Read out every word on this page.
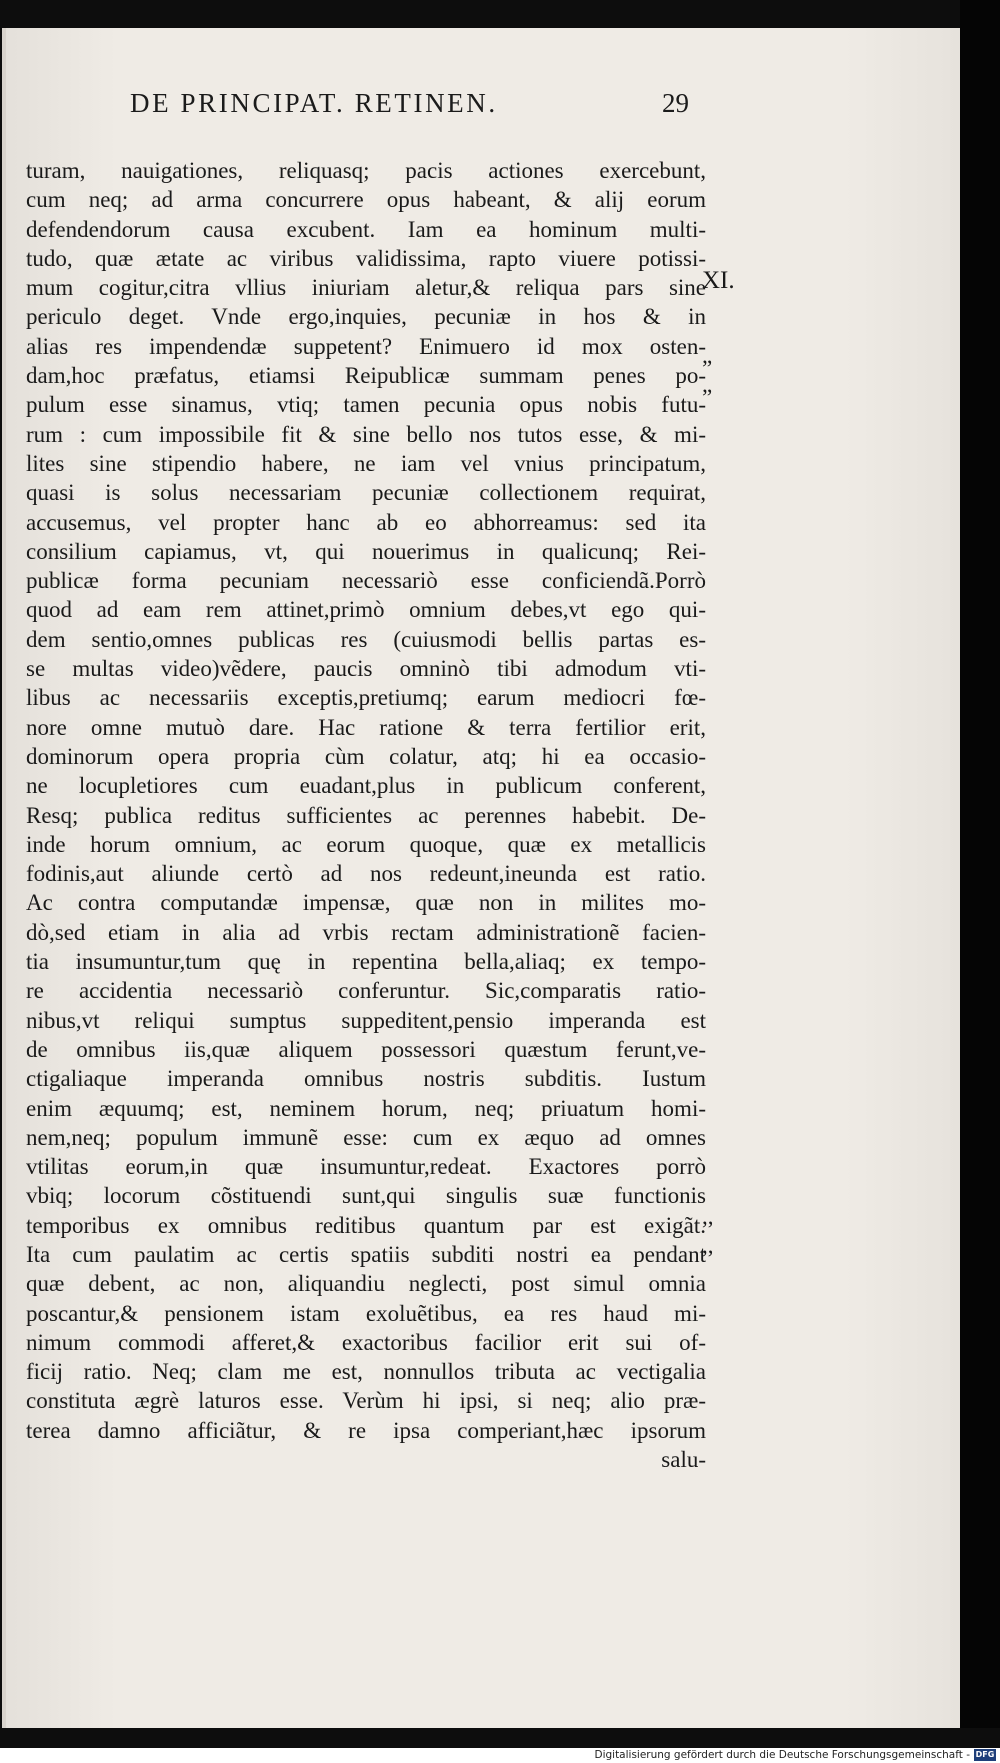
DE PRINCIPAT. RETINEN.	29
turam, nauigationes, reliquasq; pacis actiones exercebunt,
cum neq; ad arma concurrere opus habeant, & alij eorum
defendendorum causa excubent. Iam ea hominum multi-
tudo, quæ ætate ac viribus validissima, rapto viuere potissi-
mum cogitur,citra vllius iniuriam aletur,& reliqua pars sine
periculo deget. Vnde ergo,inquies, pecuniæ in hos & in
alias res impendendæ suppetent? Enimuero id mox osten-
dam,hoc præfatus, etiamsi Reipublicæ summam penes po-
pulum esse sinamus, vtiq; tamen pecunia opus nobis futu-
rum : cum impossibile fit & sine bello nos tutos esse, & mi-
lites sine stipendio habere, ne iam vel vnius principatum,
quasi is solus necessariam pecuniæ collectionem requirat,
accusemus, vel propter hanc ab eo abhorreamus: sed ita
consilium capiamus, vt, qui nouerimus in qualicunq; Rei-
publicæ forma pecuniam necessariò esse conficiendã.Porrò
quod ad eam rem attinet,primò omnium debes,vt ego qui-
dem sentio,omnes publicas res (cuiusmodi bellis partas es-
se multas video)vẽdere, paucis omninò tibi admodum vti-
libus ac necessariis exceptis,pretiumq; earum mediocri fœ-
nore omne mutuò dare. Hac ratione & terra fertilior erit,
dominorum opera propria cùm colatur, atq; hi ea occasio-
ne locupletiores cum euadant,plus in publicum conferent,
Resq; publica reditus sufficientes ac perennes habebit. De-
inde horum omnium, ac eorum quoque, quæ ex metallicis
fodinis,aut aliunde certò ad nos redeunt,ineunda est ratio.
Ac contra computandæ impensæ, quæ non in milites mo-
dò,sed etiam in alia ad vrbis rectam administrationẽ facien-
tia insumuntur,tum quę in repentina bella,aliaq; ex tempo-
re accidentia necessariò conferuntur. Sic,comparatis ratio-
nibus,vt reliqui sumptus suppeditent,pensio imperanda est
de omnibus iis,quæ aliquem possessori quæstum ferunt,ve-
ctigaliaque imperanda omnibus nostris subditis. Iustum
enim æquumq; est, neminem horum, neq; priuatum homi-
nem,neq; populum immunẽ esse: cum ex æquo ad omnes
vtilitas eorum,in quæ insumuntur,redeat. Exactores porrò
vbiq; locorum cõstituendi sunt,qui singulis suæ functionis
temporibus ex omnibus reditibus quantum par est exigãt.
Ita cum paulatim ac certis spatiis subditi nostri ea pendant
quæ debent, ac non, aliquandiu neglecti, post simul omnia
poscantur,& pensionem istam exoluẽtibus, ea res haud mi-
nimum commodi afferet,& exactoribus facilior erit sui of-
ficij ratio. Neq; clam me est, nonnullos tributa ac vectigalia
constituta ægrè laturos esse. Verùm hi ipsi, si neq; alio præ-
terea damno afficiãtur, & re ipsa comperiant,hæc ipsorum
salu-
XI.
”
”
,,
,,
Digitalisierung gefördert durch die Deutsche Forschungsgemeinschaft - DFG
